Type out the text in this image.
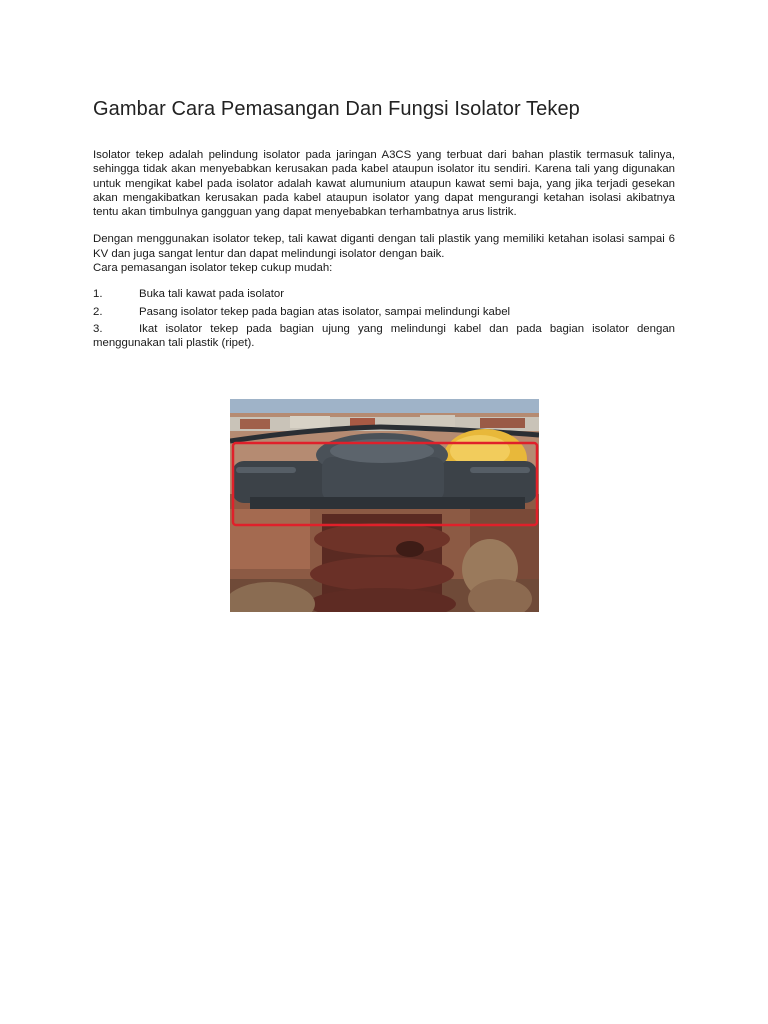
Gambar Cara Pemasangan Dan Fungsi Isolator Tekep

Isolator tekep adalah pelindung isolator pada jaringan A3CS yang terbuat dari bahan plastik termasuk talinya, sehingga tidak akan menyebabkan kerusakan pada kabel ataupun isolator itu sendiri. Karena tali yang digunakan untuk mengikat kabel pada isolator adalah kawat alumunium ataupun kawat semi baja, yang jika terjadi gesekan akan mengakibatkan kerusakan pada kabel ataupun isolator yang dapat mengurangi ketahan isolasi akibatnya tentu akan timbulnya gangguan yang dapat menyebabkan terhambatnya arus listrik.

Dengan menggunakan isolator tekep, tali kawat diganti dengan tali plastik yang memiliki ketahan isolasi sampai 6 KV dan juga sangat lentur dan dapat melindungi isolator dengan baik.

Cara pemasangan isolator tekep cukup mudah:

1.	Buka tali kawat pada isolator
2.	Pasang isolator tekep pada bagian atas isolator, sampai melindungi kabel
3.	Ikat isolator tekep pada bagian ujung yang melindungi kabel dan pada bagian isolator dengan menggunakan tali plastik (ripet).
